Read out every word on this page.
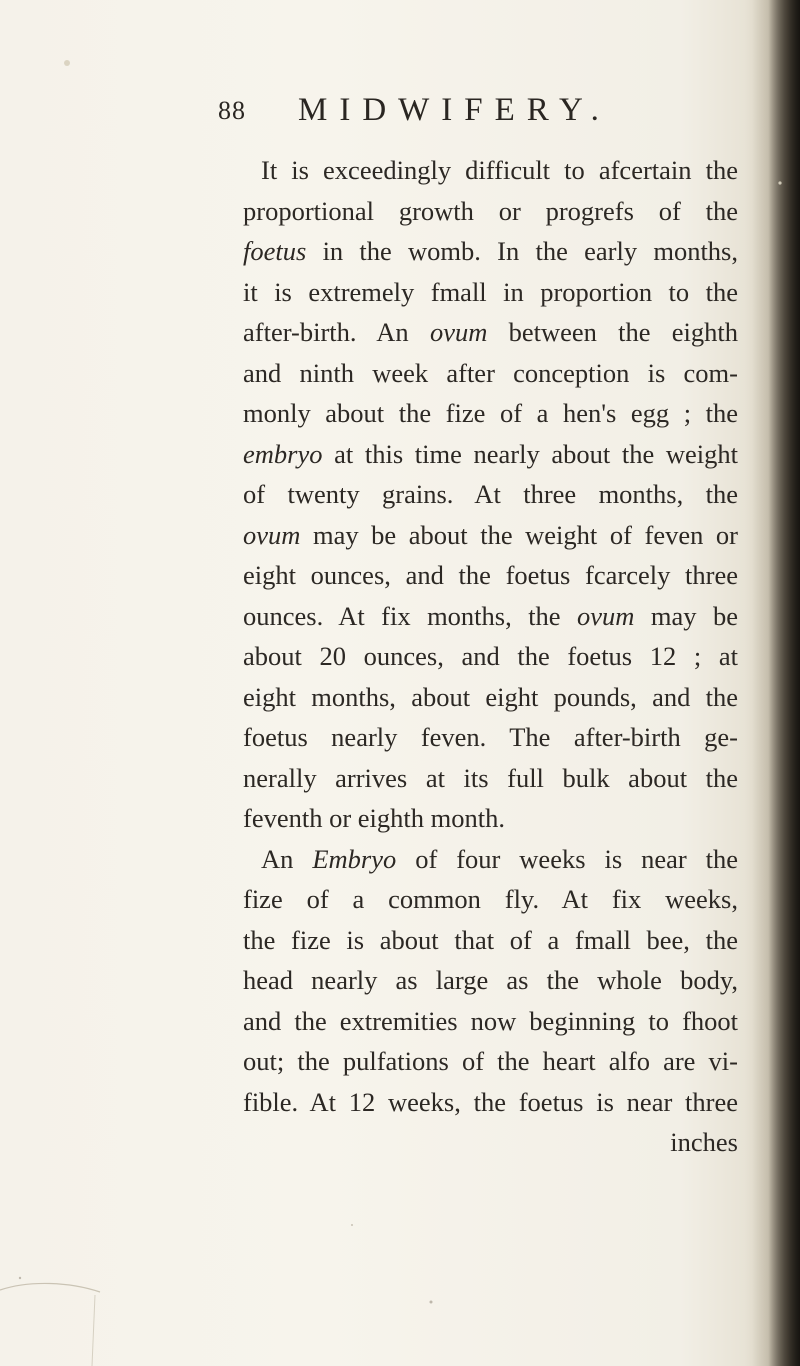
88 MIDWIFERY.
It is exceedingly difficult to afcertain the
proportional growth or progrefs of the
foetus in the womb. In the early months,
it is extremely fmall in proportion to the
after-birth. An ovum between the eighth
and ninth week after conception is com-
monly about the fize of a hen's egg ; the
embryo at this time nearly about the weight
of twenty grains. At three months, the
ovum may be about the weight of feven or
eight ounces, and the foetus fcarcely three
ounces. At fix months, the ovum may be
about 20 ounces, and the foetus 12 ; at
eight months, about eight pounds, and the
foetus nearly feven. The after-birth ge-
nerally arrives at its full bulk about the
feventh or eighth month.
An Embryo of four weeks is near the
fize of a common fly. At fix weeks,
the fize is about that of a fmall bee, the
head nearly as large as the whole body,
and the extremities now beginning to fhoot
out; the pulfations of the heart alfo are vi-
fible. At 12 weeks, the foetus is near three
inches
